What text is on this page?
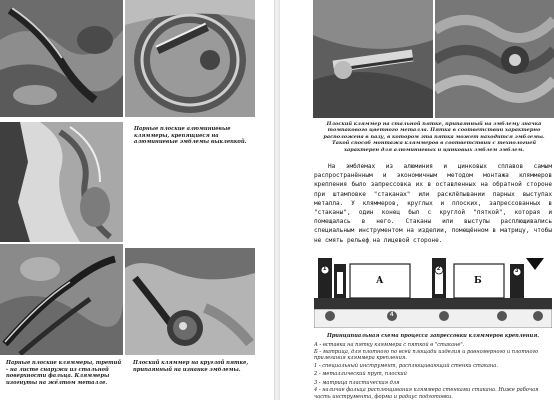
Парные плоские алюминиевые кляммеры, крепящиеся на алюминиевые эмблемы выклепкой.
Парные плоские кляммеры, третий - на листе снаружи из стальной поверхности фальца. Кляммеры изогнуты на жёлтом металле.
Плоский кляммер на круглой пятке, припаянный на изнанке эмблемы.
Плоский кляммер на стальной пятке, припаянный на эмблему значка томпакового цветного металла. Пятка в соответствии характерно расположена в пазу, в котором эта пятка может находится эмблемы. Такой способ монтажа кляммеров в соответствии с технологией характерен для алюминиевых и цинковых эмблем эмблем.
На эмблемах из алюминия и цинковых сплавов самым распространённым и экономичным методом монтажа кляммеров крепления было запрессовка их в оставленных на обратной стороне при штамповке "стаканах" или расклёпывании парных выступах металла. У кляммеров, круглых и плоских, запрессованных в "стаканы", один конец был с круглой "пяткой", которая и помещалась в него. Стаканы или выступы расплющивались специальным инструментом на изделии, помещённом в матрицу, чтобы не смять рельеф на лицевой стороне.
А	Б
1	2	3
4
Принципиальная схема процесса запрессовки кляммеров крепления.
А - вставка на пятку кляммера с пяткой в "стакане".
Б - матрица, для плотного по всей площади изделия и равномерного и плотного прилегания кляммера крепления.
1 - специальный инструмент, расплющивающий стенки стакана.
2 - металлический прут, плоский
3 - матрица пластическая для
4 - наличие фальца расплющивания кляммера стенками стакана. Ниже рабочая часть инструмента, форма и радиус подготовки.
